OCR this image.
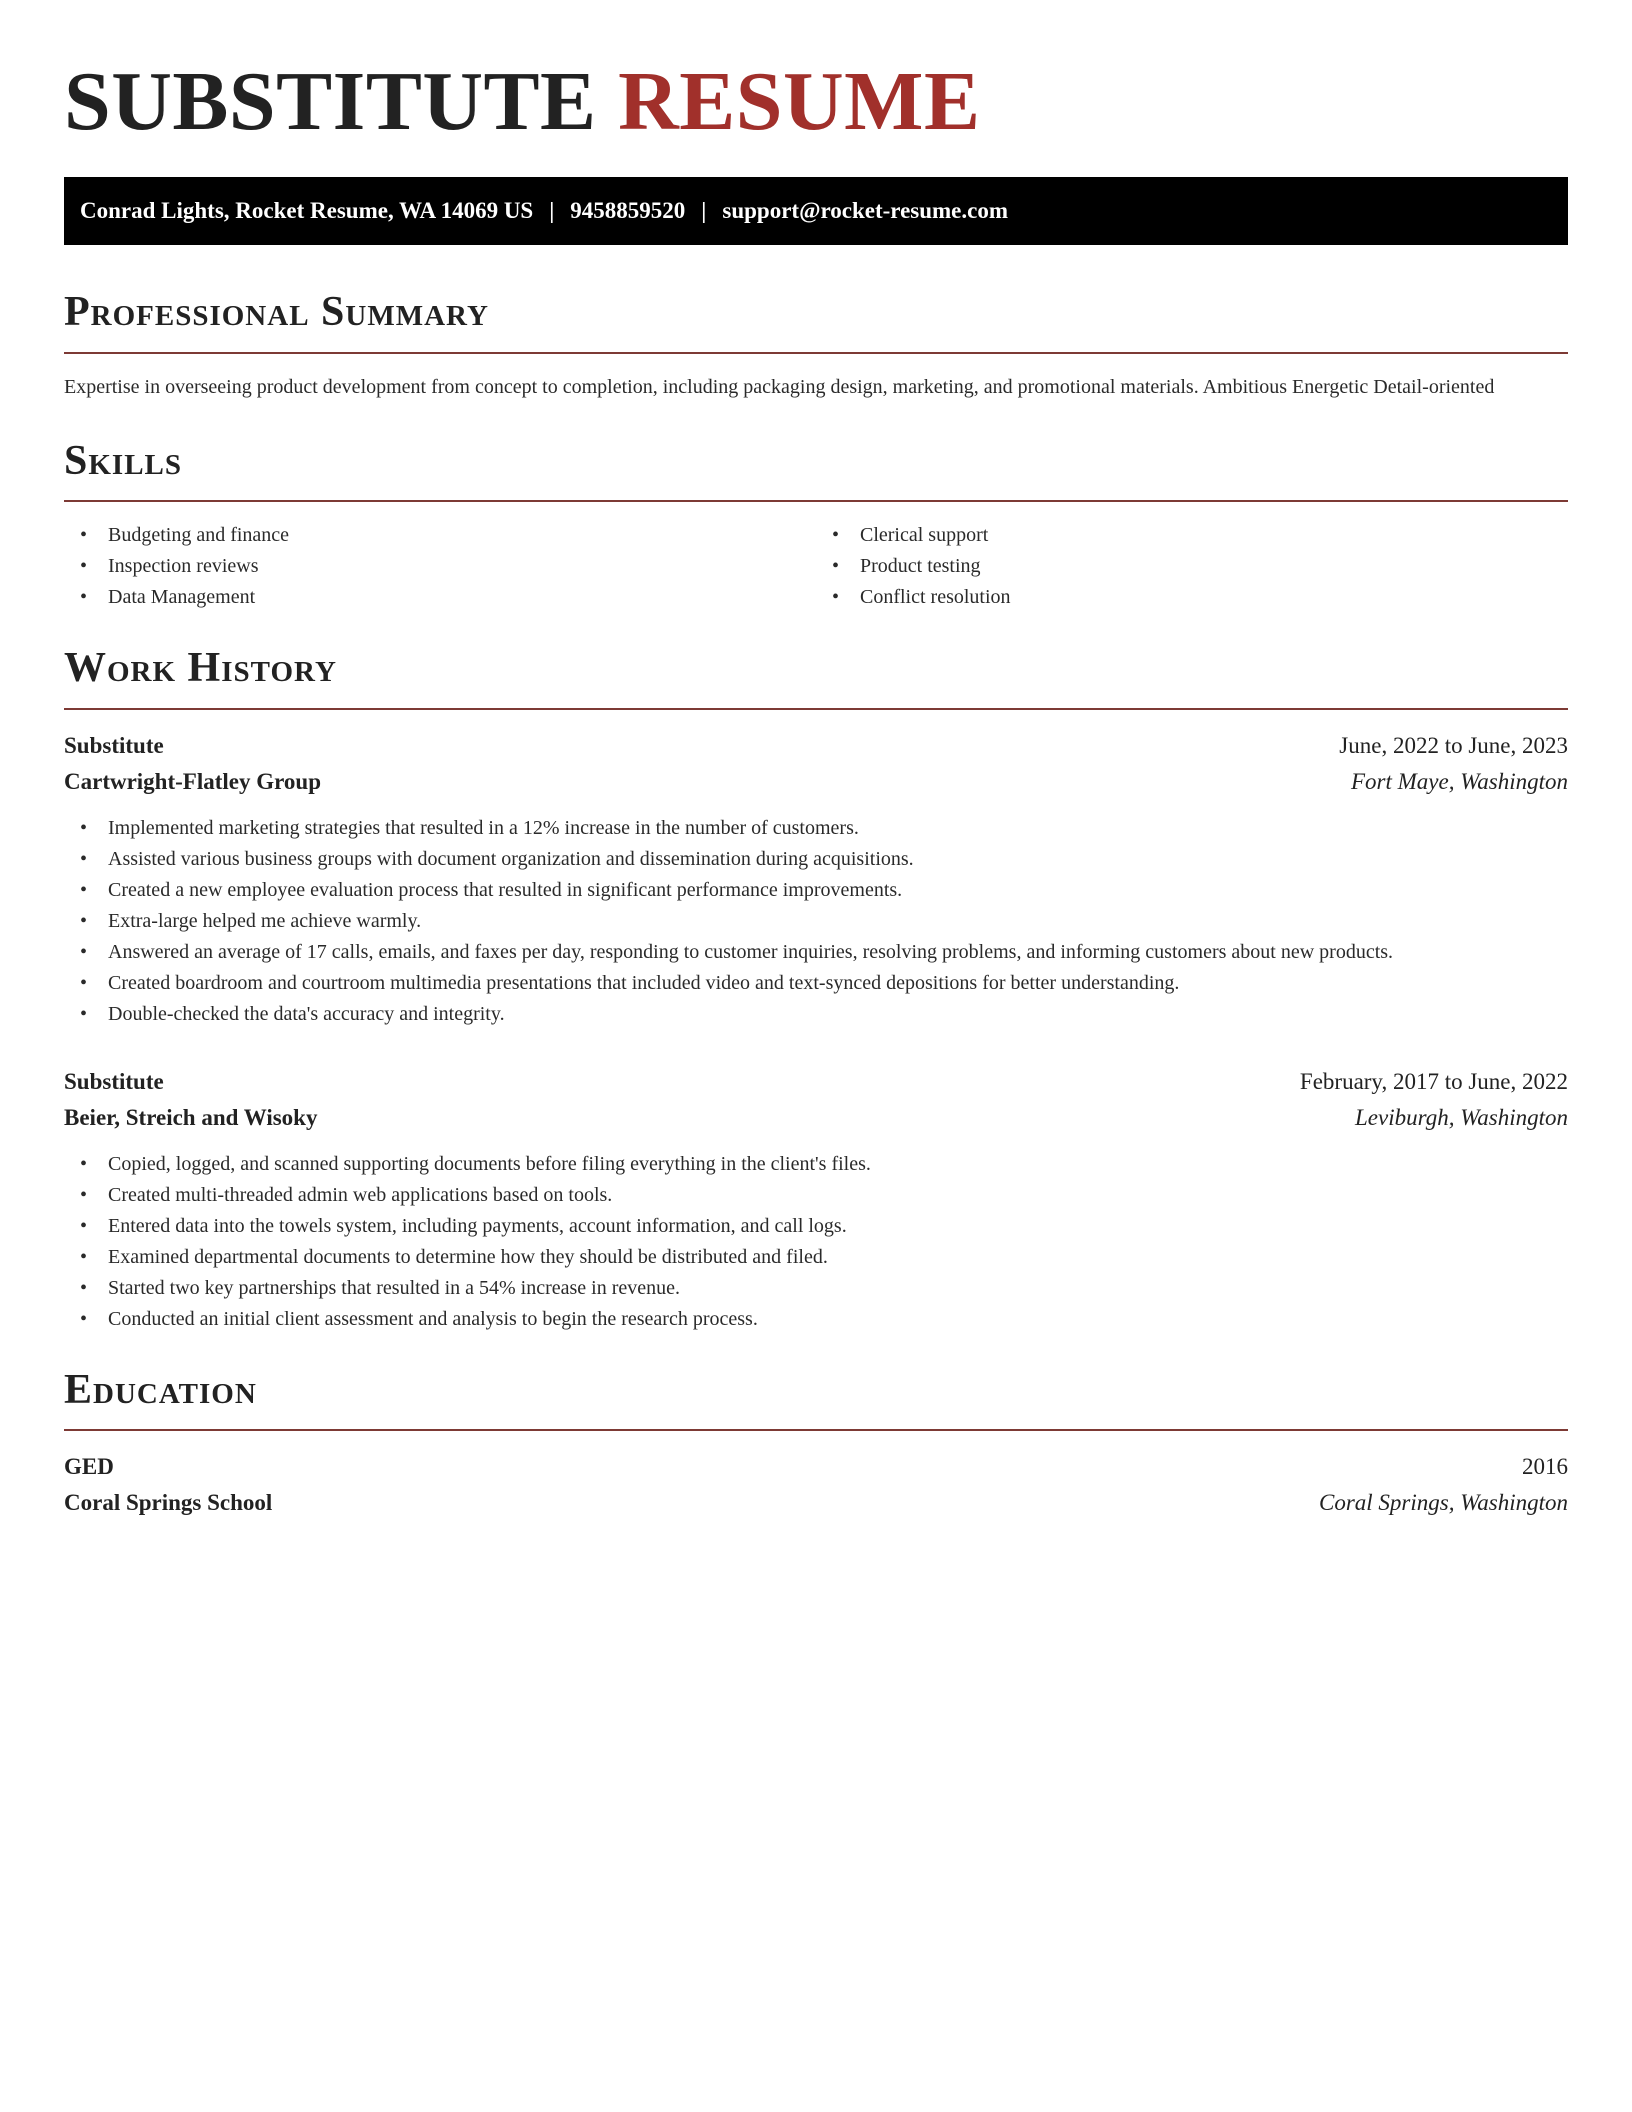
SUBSTITUTE RESUME
Conrad Lights, Rocket Resume, WA 14069 US | 9458859520 | support@rocket-resume.com
Professional Summary

Expertise in overseeing product development from concept to completion, including packaging design, marketing, and promotional materials. Ambitious Energetic Detail-oriented

Skills
• Budgeting and finance
• Inspection reviews
• Data Management
• Clerical support
• Product testing
• Conflict resolution
Work History
Substitute	June, 2022 to June, 2023
Cartwright-Flatley Group	Fort Maye, Washington
• Implemented marketing strategies that resulted in a 12% increase in the number of customers.
• Assisted various business groups with document organization and dissemination during acquisitions.
• Created a new employee evaluation process that resulted in significant performance improvements.
• Extra-large helped me achieve warmly.
• Answered an average of 17 calls, emails, and faxes per day, responding to customer inquiries, resolving problems, and informing customers about new products.
• Created boardroom and courtroom multimedia presentations that included video and text-synced depositions for better understanding.
• Double-checked the data's accuracy and integrity.
Substitute	February, 2017 to June, 2022
Beier, Streich and Wisoky	Leviburgh, Washington
• Copied, logged, and scanned supporting documents before filing everything in the client's files.
• Created multi-threaded admin web applications based on tools.
• Entered data into the towels system, including payments, account information, and call logs.
• Examined departmental documents to determine how they should be distributed and filed.
• Started two key partnerships that resulted in a 54% increase in revenue.
• Conducted an initial client assessment and analysis to begin the research process.
Education
GED	2016
Coral Springs School	Coral Springs, Washington
